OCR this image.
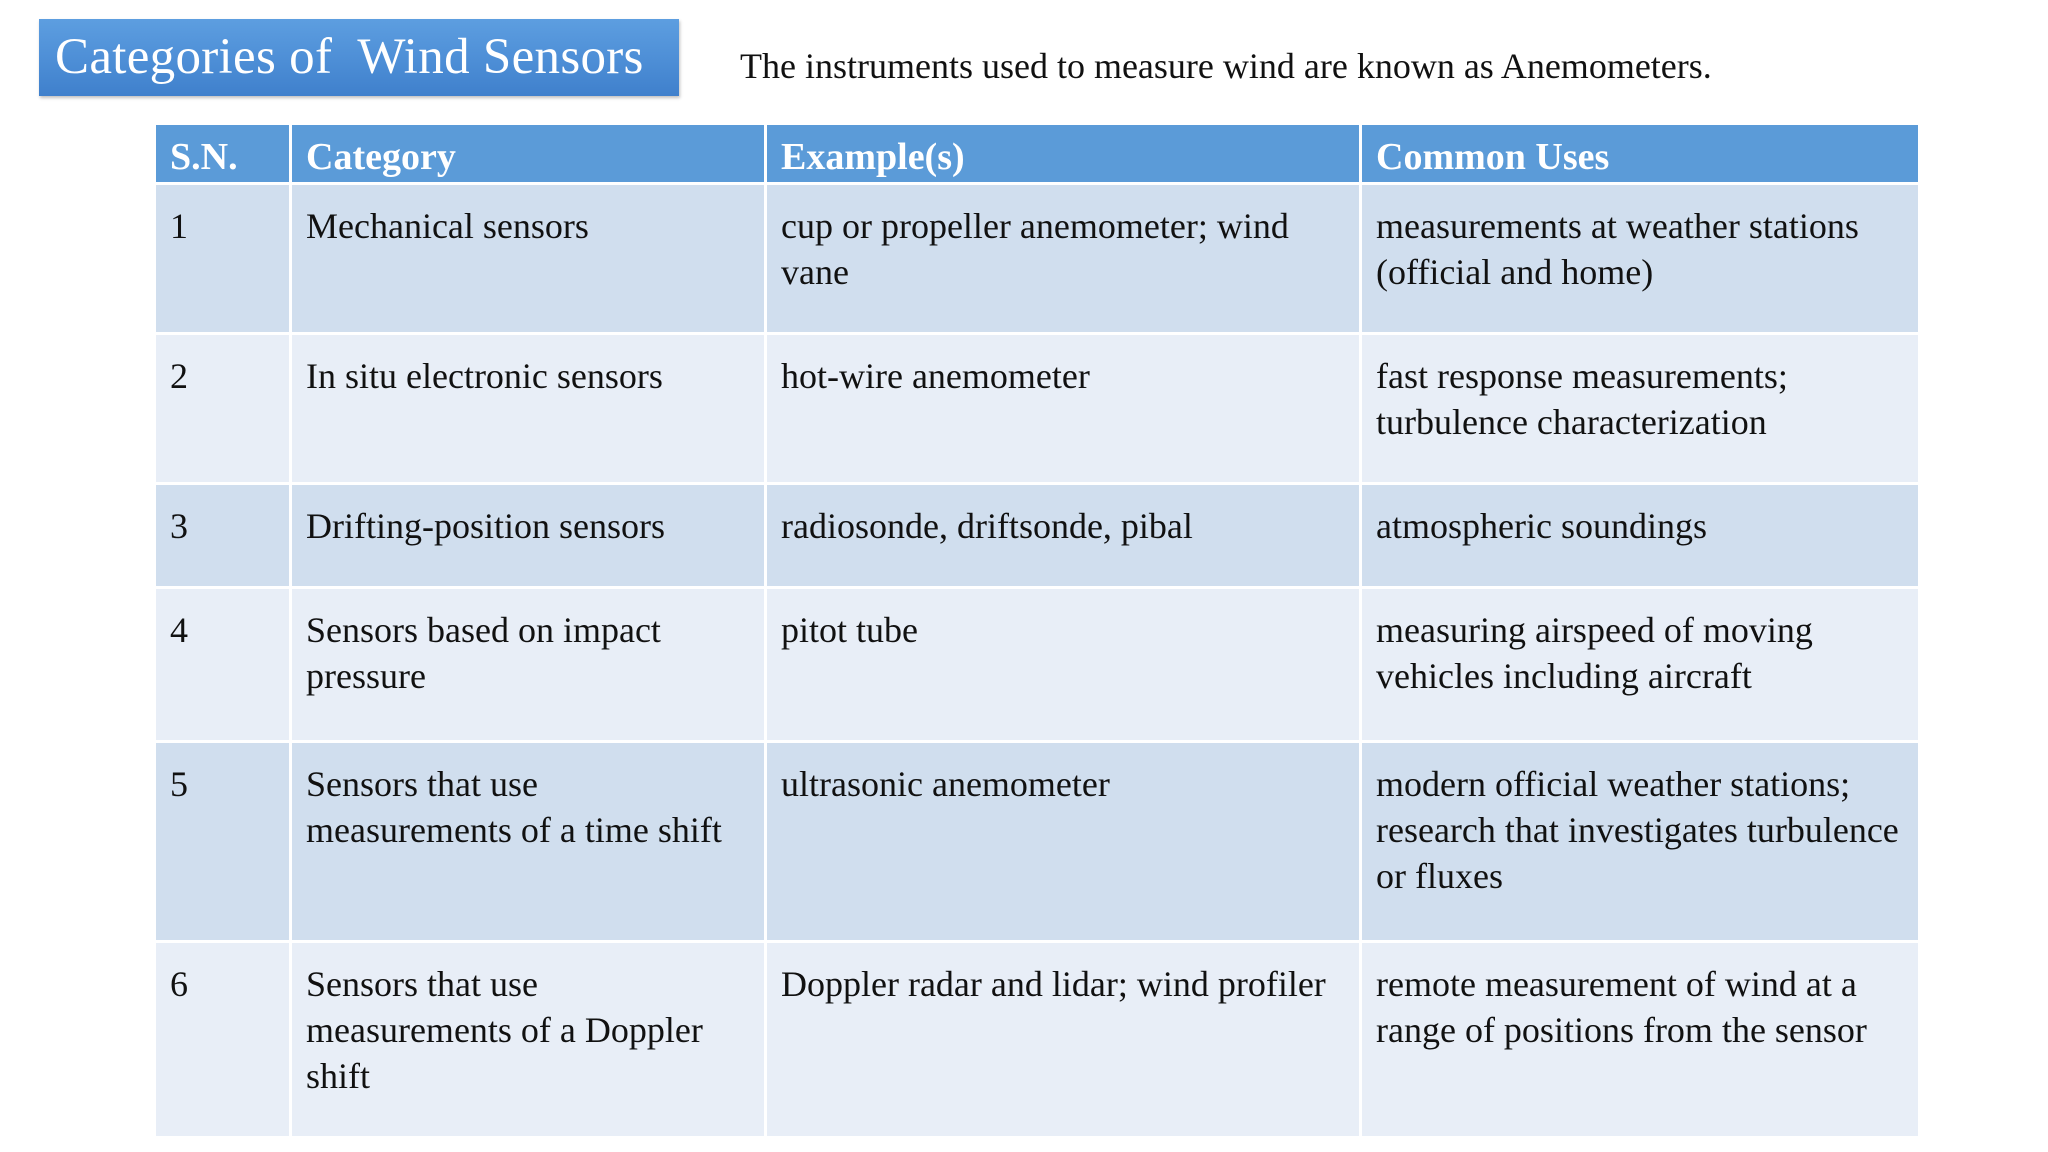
Categories of  Wind Sensors	The instruments used to measure wind are known as Anemometers.
S.N.	Category	Example(s)	Common Uses
1	Mechanical sensors	cup or propeller anemometer; wind vane	measurements at weather stations (official and home)
2	In situ electronic sensors	hot-wire anemometer	fast response measurements; turbulence characterization
3	Drifting-position sensors	radiosonde, driftsonde, pibal	atmospheric soundings
4	Sensors based on impact pressure	pitot tube	measuring airspeed of moving vehicles including aircraft
5	Sensors that use measurements of a time shift	ultrasonic anemometer	modern official weather stations; research that investigates turbulence or fluxes
6	Sensors that use measurements of a Doppler shift	Doppler radar and lidar; wind profiler	remote measurement of wind at a range of positions from the sensor
